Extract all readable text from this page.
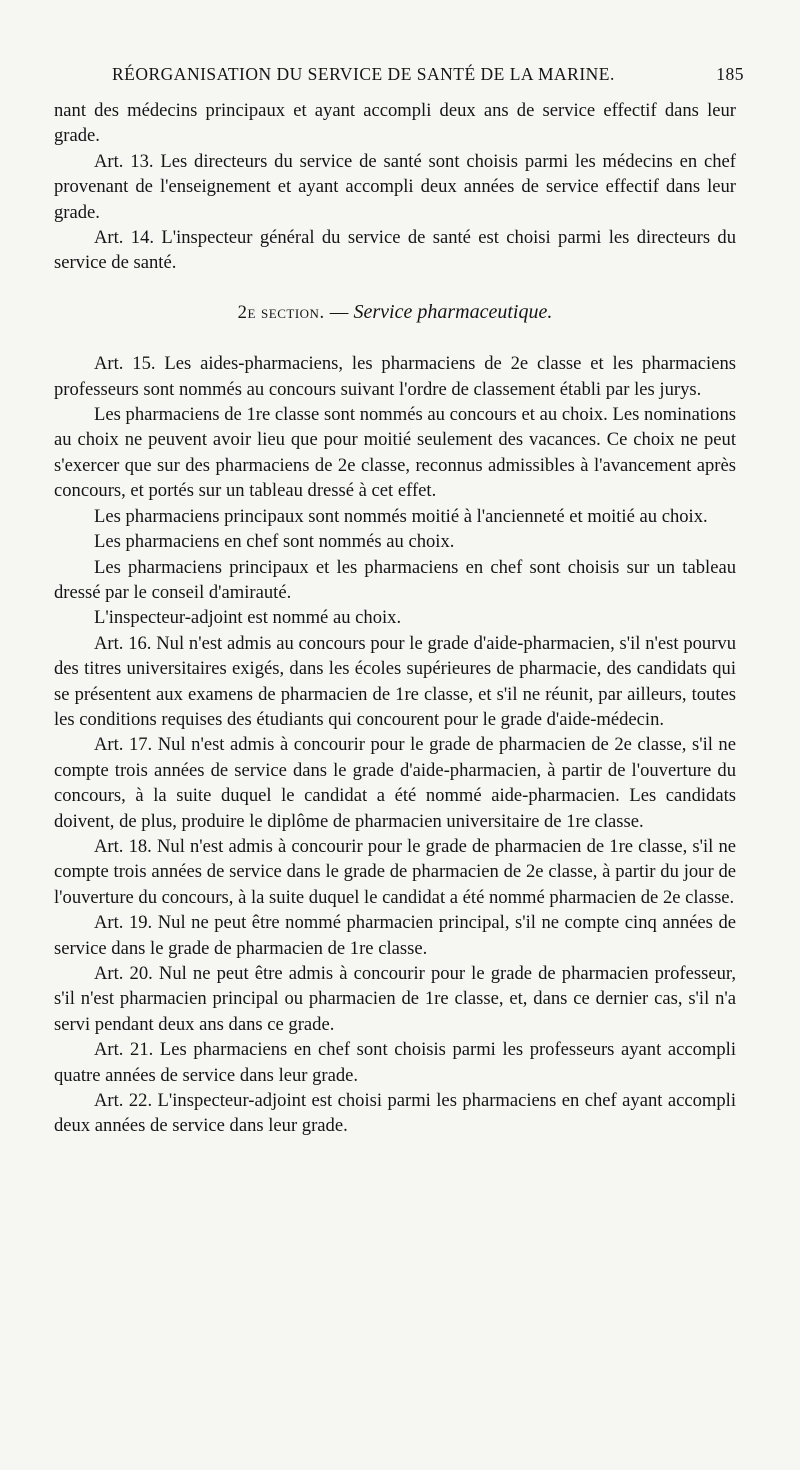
RÉORGANISATION DU SERVICE DE SANTÉ DE LA MARINE.	185

nant des médecins principaux et ayant accompli deux ans de service effectif dans leur grade.

Art. 13. Les directeurs du service de santé sont choisis parmi les médecins en chef provenant de l'enseignement et ayant accompli deux années de service effectif dans leur grade.

Art. 14. L'inspecteur général du service de santé est choisi parmi les directeurs du service de santé.

2e section. — Service pharmaceutique.

Art. 15. Les aides-pharmaciens, les pharmaciens de 2e classe et les pharmaciens professeurs sont nommés au concours suivant l'ordre de classement établi par les jurys.

Les pharmaciens de 1re classe sont nommés au concours et au choix. Les nominations au choix ne peuvent avoir lieu que pour moitié seulement des vacances. Ce choix ne peut s'exercer que sur des pharmaciens de 2e classe, reconnus admissibles à l'avancement après concours, et portés sur un tableau dressé à cet effet.

Les pharmaciens principaux sont nommés moitié à l'ancienneté et moitié au choix.

Les pharmaciens en chef sont nommés au choix.

Les pharmaciens principaux et les pharmaciens en chef sont choisis sur un tableau dressé par le conseil d'amirauté.

L'inspecteur-adjoint est nommé au choix.

Art. 16. Nul n'est admis au concours pour le grade d'aide-pharmacien, s'il n'est pourvu des titres universitaires exigés, dans les écoles supérieures de pharmacie, des candidats qui se présentent aux examens de pharmacien de 1re classe, et s'il ne réunit, par ailleurs, toutes les conditions requises des étudiants qui concourent pour le grade d'aide-médecin.

Art. 17. Nul n'est admis à concourir pour le grade de pharmacien de 2e classe, s'il ne compte trois années de service dans le grade d'aide-pharmacien, à partir de l'ouverture du concours, à la suite duquel le candidat a été nommé aide-pharmacien. Les candidats doivent, de plus, produire le diplôme de pharmacien universitaire de 1re classe.

Art. 18. Nul n'est admis à concourir pour le grade de pharmacien de 1re classe, s'il ne compte trois années de service dans le grade de pharmacien de 2e classe, à partir du jour de l'ouverture du concours, à la suite duquel le candidat a été nommé pharmacien de 2e classe.

Art. 19. Nul ne peut être nommé pharmacien principal, s'il ne compte cinq années de service dans le grade de pharmacien de 1re classe.

Art. 20. Nul ne peut être admis à concourir pour le grade de pharmacien professeur, s'il n'est pharmacien principal ou pharmacien de 1re classe, et, dans ce dernier cas, s'il n'a servi pendant deux ans dans ce grade.

Art. 21. Les pharmaciens en chef sont choisis parmi les professeurs ayant accompli quatre années de service dans leur grade.

Art. 22. L'inspecteur-adjoint est choisi parmi les pharmaciens en chef ayant accompli deux années de service dans leur grade.
